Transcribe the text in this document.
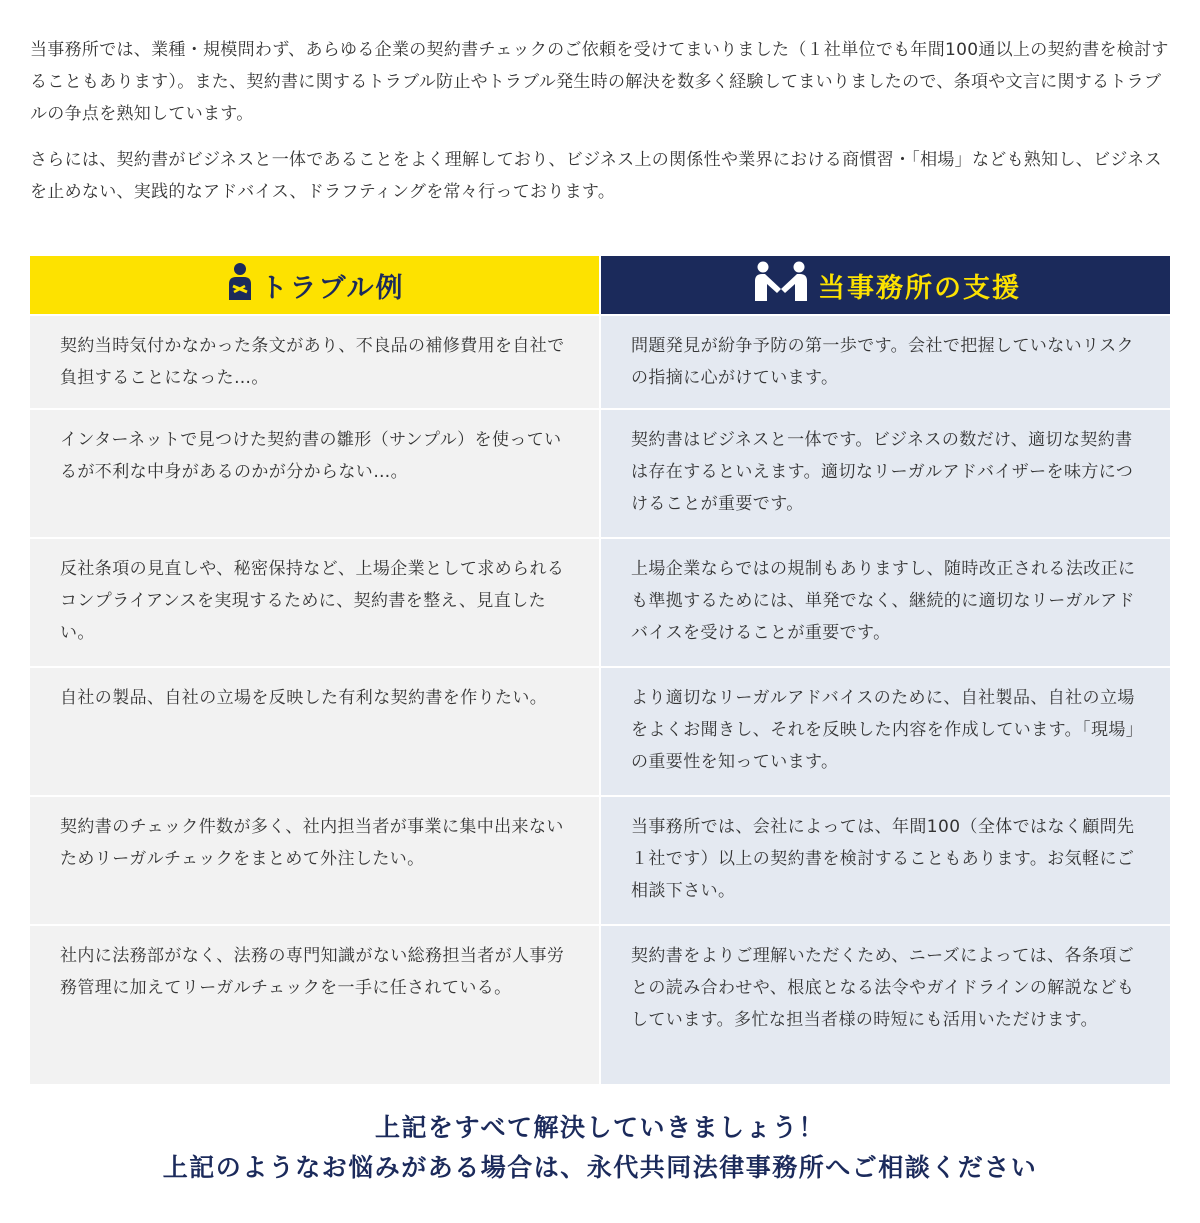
当事務所では、業種・規模問わず、あらゆる企業の契約書チェックのご依頼を受けてまいりました（１社単位でも年間100通以上の契約書を検討することもあります）。また、契約書に関するトラブル防止やトラブル発生時の解決を数多く経験してまいりましたので、条項や文言に関するトラブルの争点を熟知しています。

さらには、契約書がビジネスと一体であることをよく理解しており、ビジネス上の関係性や業界における商慣習・「相場」なども熟知し、ビジネスを止めない、実践的なアドバイス、ドラフティングを常々行っております。

トラブル例	当事務所の支援
契約当時気付かなかった条文があり、不良品の補修費用を自社で負担することになった…。
問題発見が紛争予防の第一歩です。会社で把握していないリスクの指摘に心がけています。
インターネットで見つけた契約書の雛形（サンプル）を使っているが不利な中身があるのかが分からない…。
契約書はビジネスと一体です。ビジネスの数だけ、適切な契約書は存在するといえます。適切なリーガルアドバイザーを味方につけることが重要です。
反社条項の見直しや、秘密保持など、上場企業として求められるコンプライアンスを実現するために、契約書を整え、見直したい。
上場企業ならではの規制もありますし、随時改正される法改正にも準拠するためには、単発でなく、継続的に適切なリーガルアドバイスを受けることが重要です。
自社の製品、自社の立場を反映した有利な契約書を作りたい。	より適切なリーガルアドバイスのために、自社製品、自社の立場をよくお聞きし、それを反映した内容を作成しています。「現場」の重要性を知っています。
契約書のチェック件数が多く、社内担当者が事業に集中出来ないためリーガルチェックをまとめて外注したい。
当事務所では、会社によっては、年間100（全体ではなく顧問先１社です）以上の契約書を検討することもあります。お気軽にご相談下さい。
社内に法務部がなく、法務の専門知識がない総務担当者が人事労務管理に加えてリーガルチェックを一手に任されている。
契約書をよりご理解いただくため、ニーズによっては、各条項ごとの読み合わせや、根底となる法令やガイドラインの解説などもしています。多忙な担当者様の時短にも活用いただけます。
上記をすべて解決していきましょう！
上記のようなお悩みがある場合は、永代共同法律事務所へご相談ください
